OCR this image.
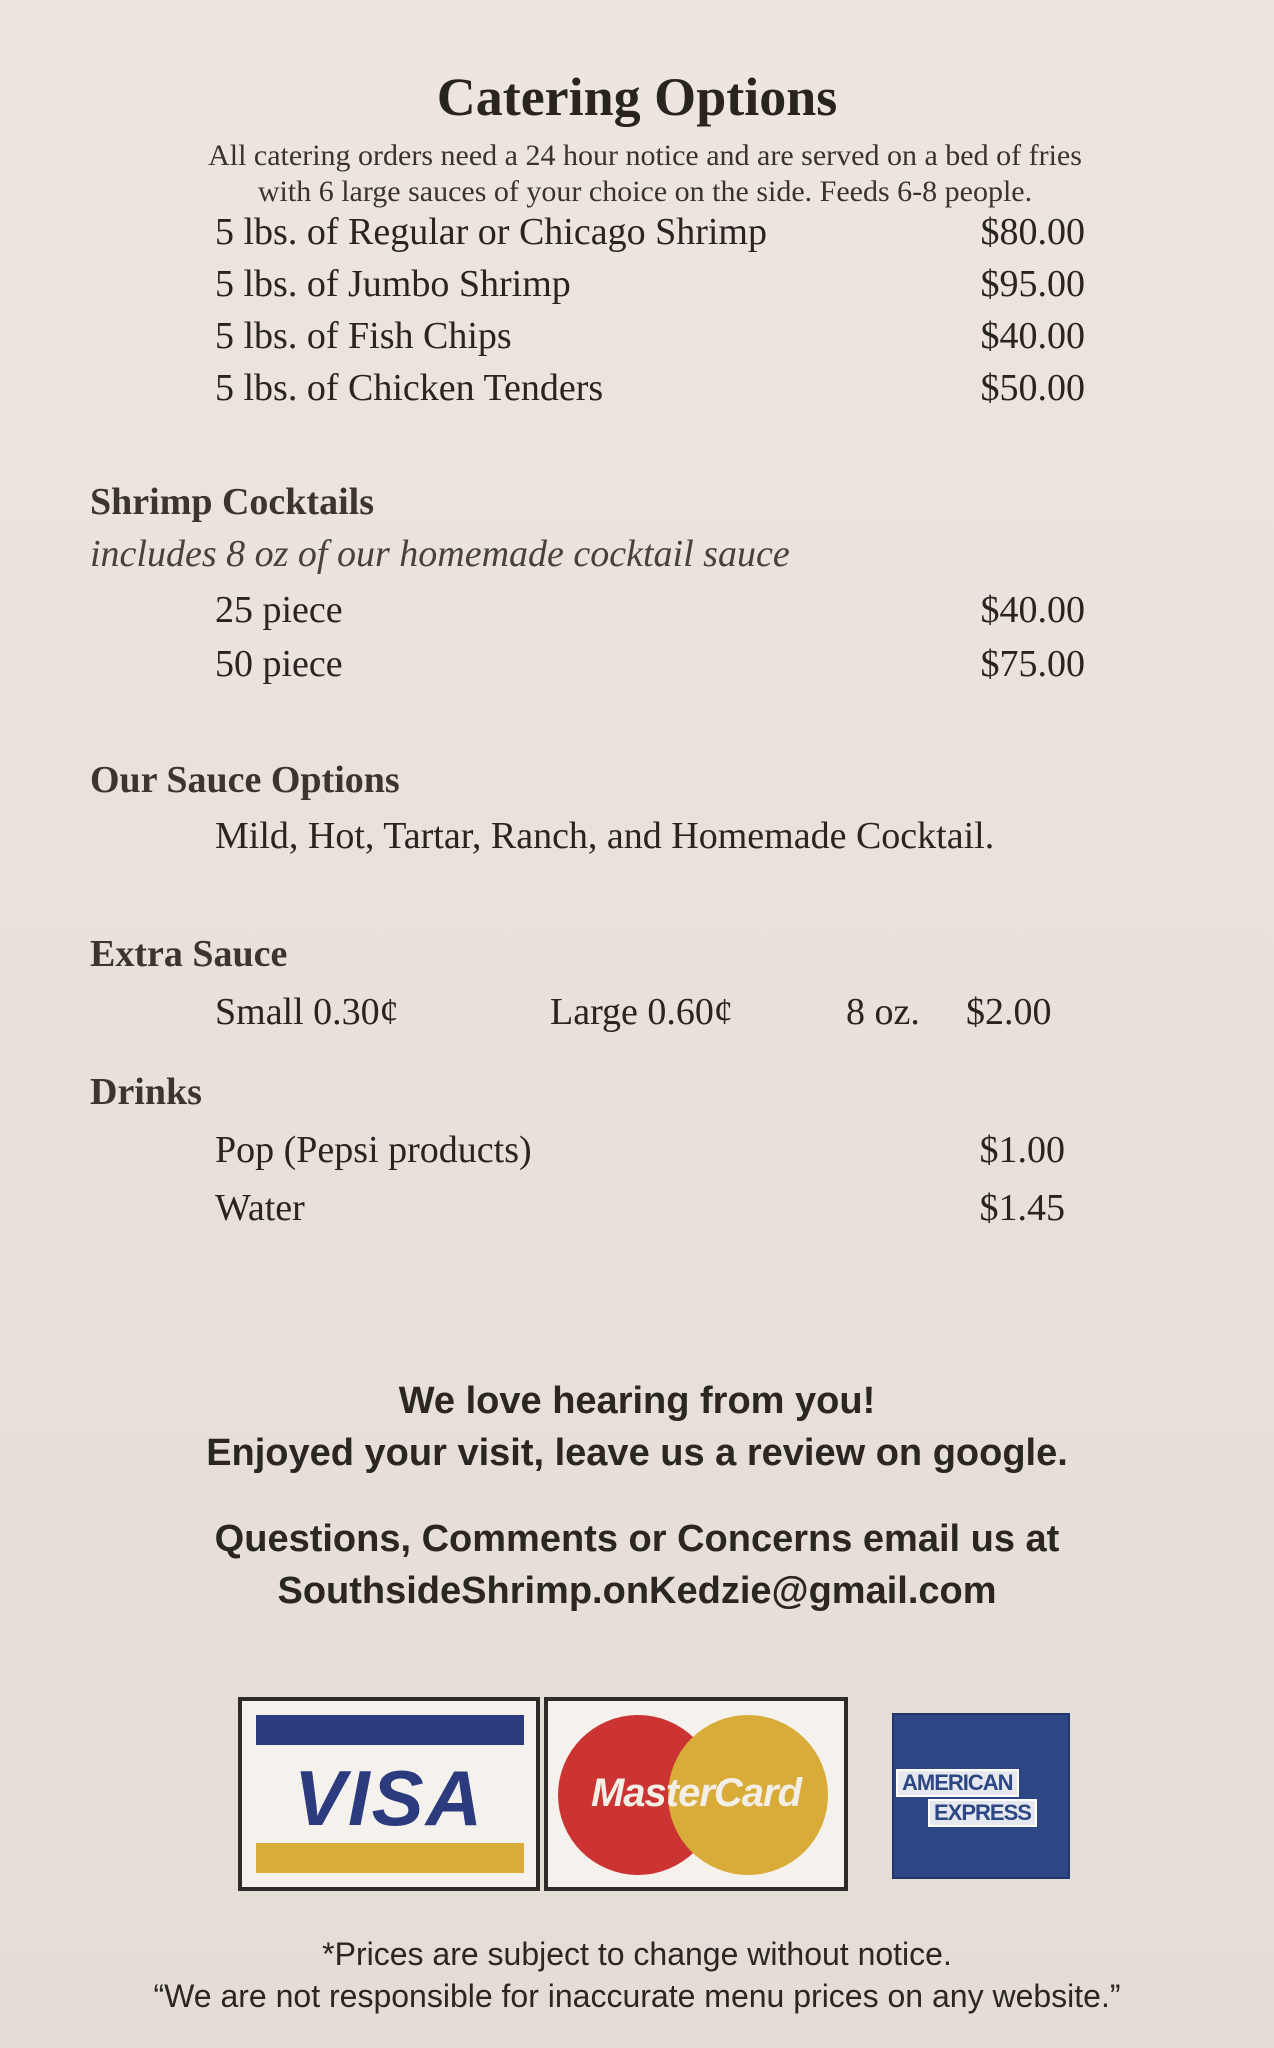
Catering Options
All catering orders need a 24 hour notice and are served on a bed of fries
with 6 large sauces of your choice on the side. Feeds 6-8 people.
5 lbs. of Regular or Chicago Shrimp	$80.00
5 lbs. of Jumbo Shrimp	$95.00
5 lbs. of Fish Chips	$40.00
5 lbs. of Chicken Tenders	$50.00
Shrimp Cocktails
includes 8 oz of our homemade cocktail sauce
25 piece	$40.00
50 piece	$75.00
Our Sauce Options
Mild, Hot, Tartar, Ranch, and Homemade Cocktail.
Extra Sauce
Small 0.30¢	Large 0.60¢	8 oz. $2.00
Drinks
Pop (Pepsi products)	$1.00
Water	$1.45
We love hearing from you!
Enjoyed your visit, leave us a review on google.
Questions, Comments or Concerns email us at
SouthsideShrimp.onKedzie@gmail.com
VISA	MasterCard	AMERICAN
EXPRESS
*Prices are subject to change without notice.
“We are not responsible for inaccurate menu prices on any website.”
